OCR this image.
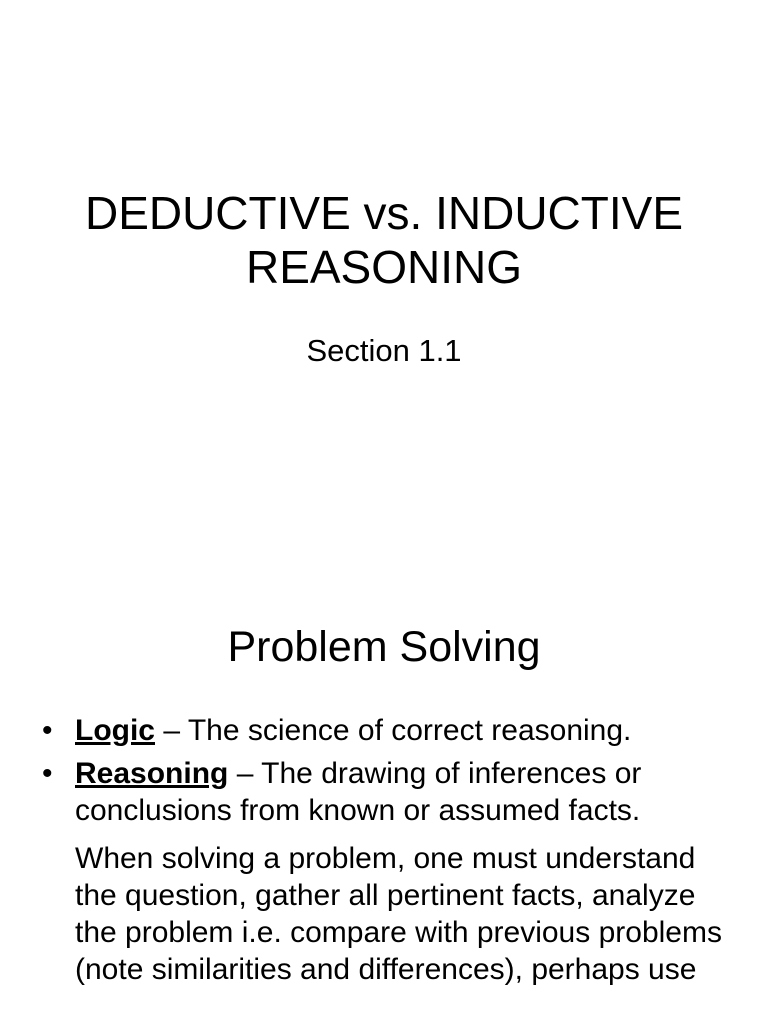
DEDUCTIVE vs. INDUCTIVE
REASONING

Section 1.1

Problem Solving
• Logic – The science of correct reasoning.
• Reasoning – The drawing of inferences or conclusions from known or assumed facts.

When solving a problem, one must understand the question, gather all pertinent facts, analyze the problem i.e. compare with previous problems (note similarities and differences), perhaps use
